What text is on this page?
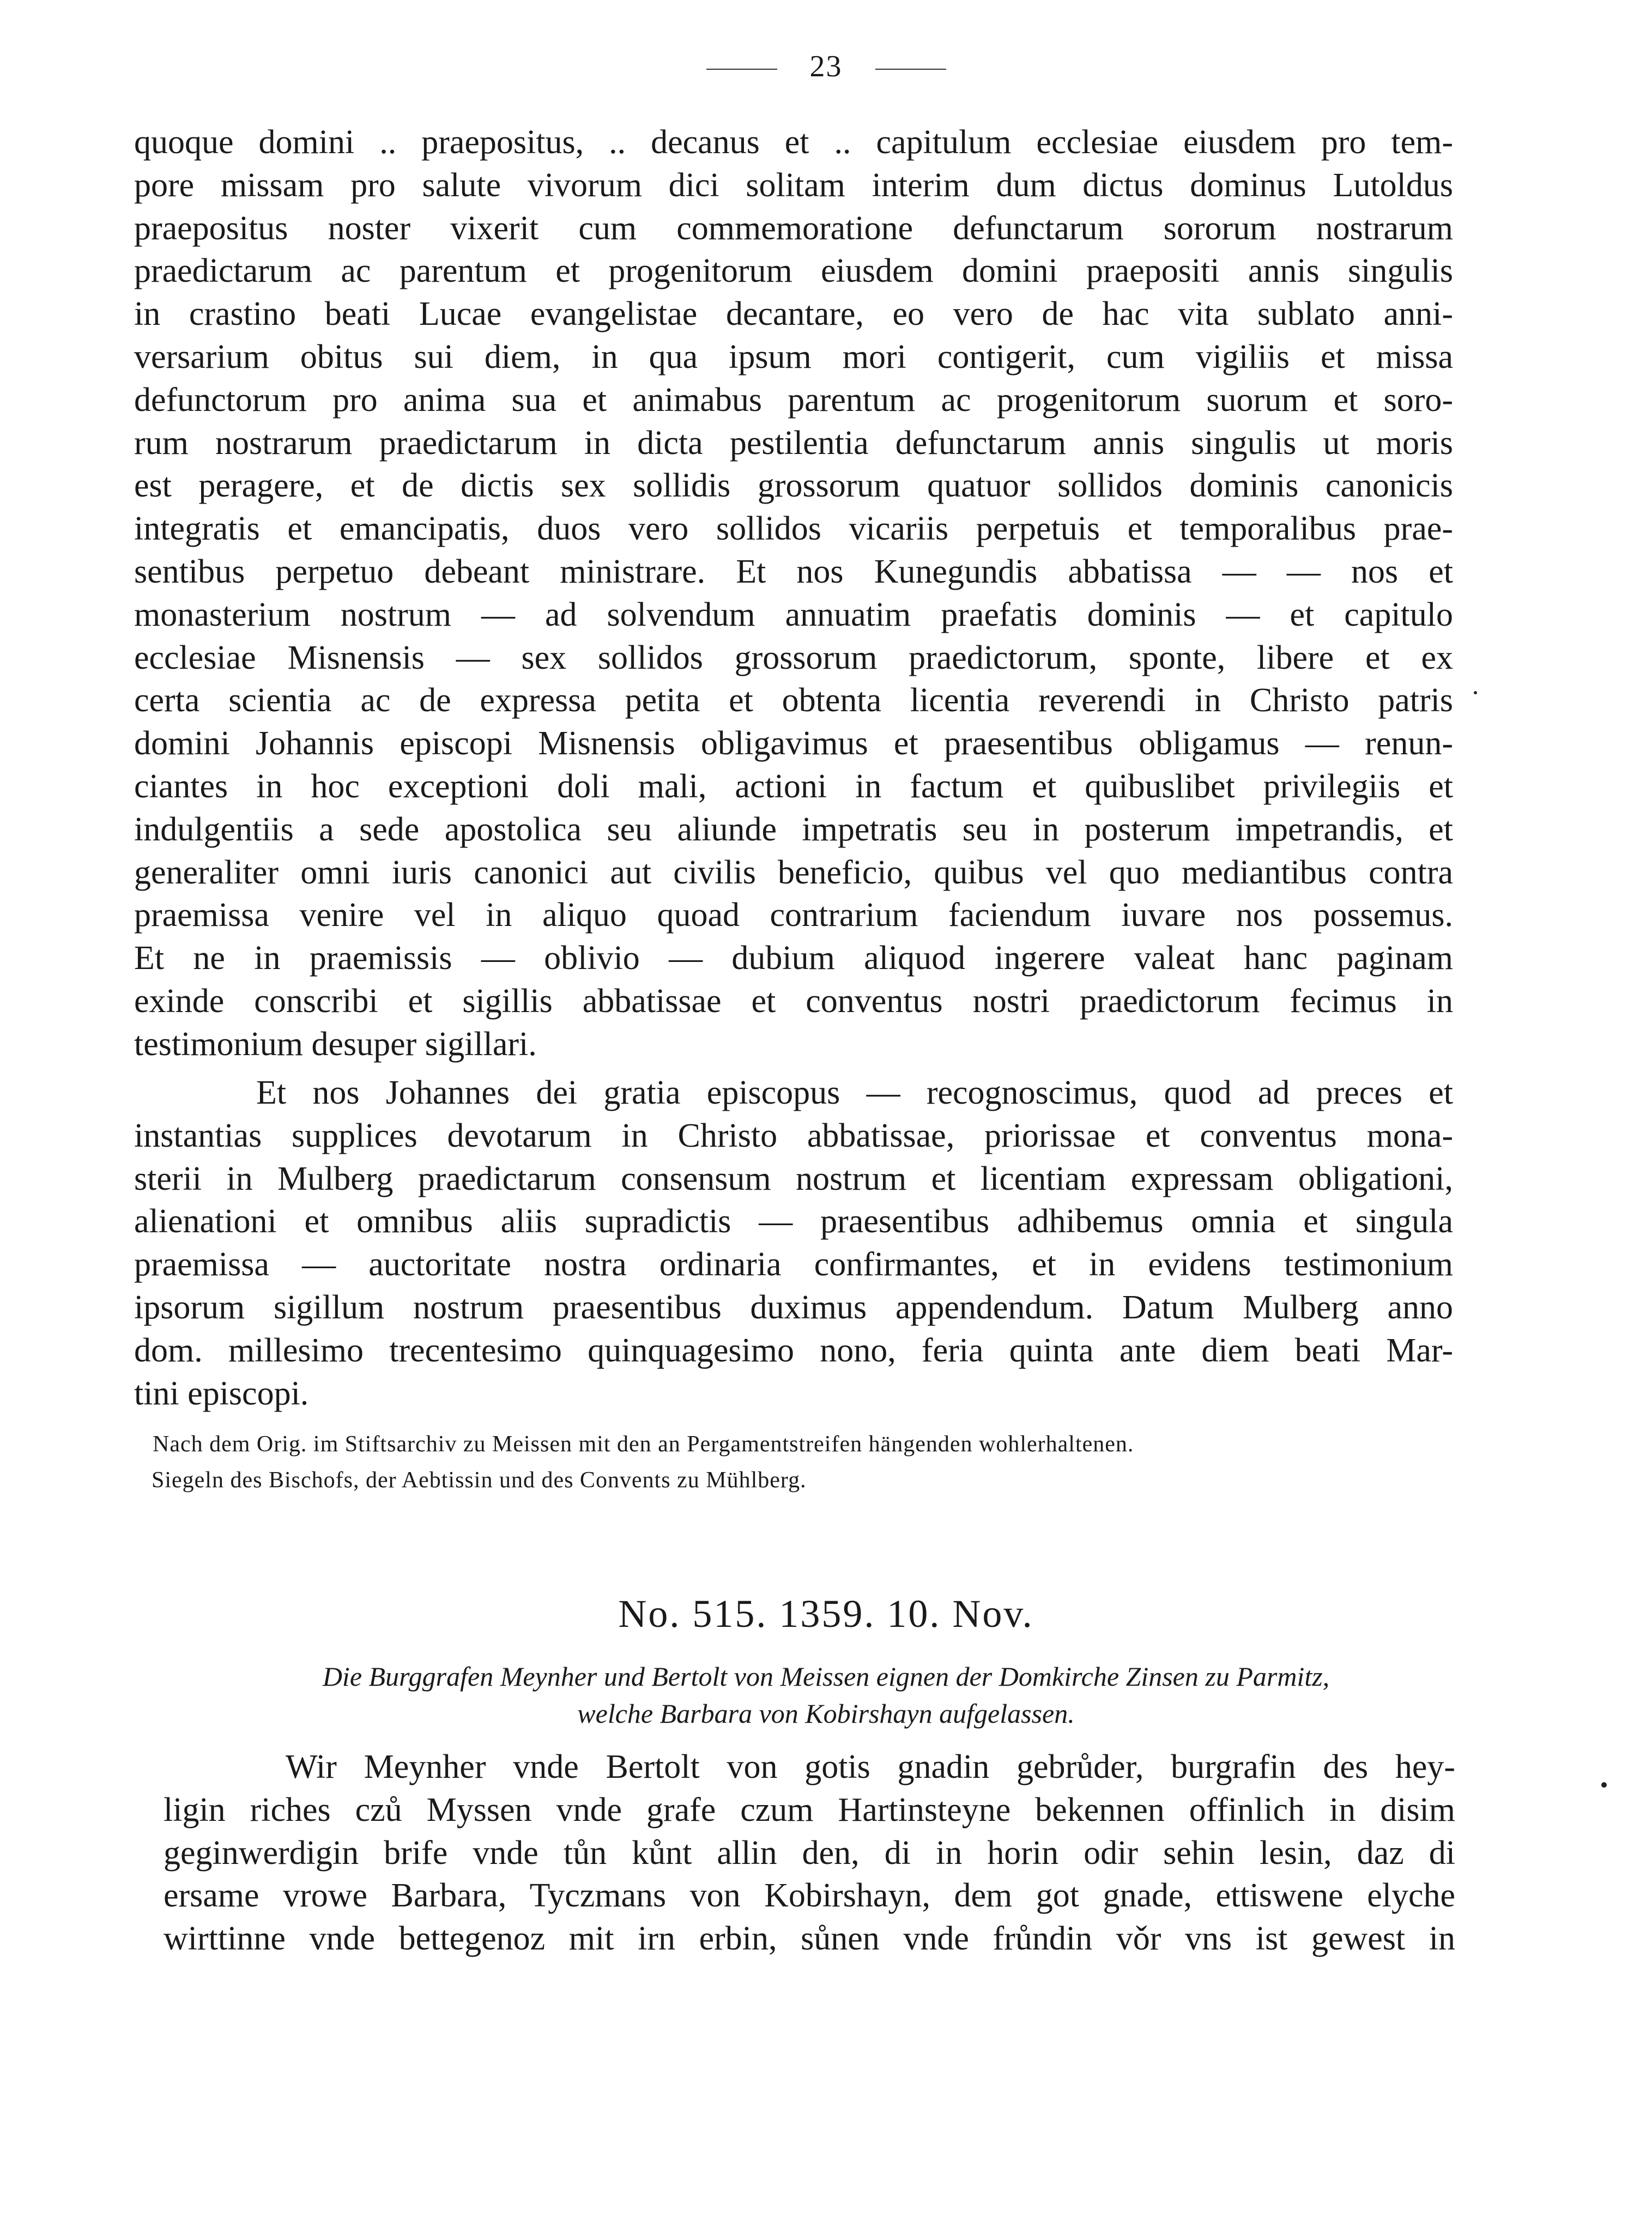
23
quoque domini .. praepositus, .. decanus et .. capitulum ecclesiae eiusdem pro tem-
pore missam pro salute vivorum dici solitam interim dum dictus dominus Lutoldus
praepositus noster vixerit cum commemoratione defunctarum sororum nostrarum
praedictarum ac parentum et progenitorum eiusdem domini praepositi annis singulis
in crastino beati Lucae evangelistae decantare, eo vero de hac vita sublato anni-
versarium obitus sui diem, in qua ipsum mori contigerit, cum vigiliis et missa
defunctorum pro anima sua et animabus parentum ac progenitorum suorum et soro-
rum nostrarum praedictarum in dicta pestilentia defunctarum annis singulis ut moris
est peragere, et de dictis sex sollidis grossorum quatuor sollidos dominis canonicis
integratis et emancipatis, duos vero sollidos vicariis perpetuis et temporalibus prae-
sentibus perpetuo debeant ministrare. Et nos Kunegundis abbatissa — — nos et
monasterium nostrum — ad solvendum annuatim praefatis dominis — et capitulo
ecclesiae Misnensis — sex sollidos grossorum praedictorum, sponte, libere et ex
certa scientia ac de expressa petita et obtenta licentia reverendi in Christo patris
domini Johannis episcopi Misnensis obligavimus et praesentibus obligamus — renun-
ciantes in hoc exceptioni doli mali, actioni in factum et quibuslibet privilegiis et
indulgentiis a sede apostolica seu aliunde impetratis seu in posterum impetrandis, et
generaliter omni iuris canonici aut civilis beneficio, quibus vel quo mediantibus contra
praemissa venire vel in aliquo quoad contrarium faciendum iuvare nos possemus.
Et ne in praemissis — oblivio — dubium aliquod ingerere valeat hanc paginam
exinde conscribi et sigillis abbatissae et conventus nostri praedictorum fecimus in
testimonium desuper sigillari.
Et nos Johannes dei gratia episcopus — recognoscimus, quod ad preces et
instantias supplices devotarum in Christo abbatissae, priorissae et conventus mona-
sterii in Mulberg praedictarum consensum nostrum et licentiam expressam obligationi,
alienationi et omnibus aliis supradictis — praesentibus adhibemus omnia et singula
praemissa — auctoritate nostra ordinaria confirmantes, et in evidens testimonium
ipsorum sigillum nostrum praesentibus duximus appendendum. Datum Mulberg anno
dom. millesimo trecentesimo quinquagesimo nono, feria quinta ante diem beati Mar-
tini episcopi.
Nach dem Orig. im Stiftsarchiv zu Meissen mit den an Pergamentstreifen hängenden wohlerhaltenen.
Siegeln des Bischofs, der Aebtissin und des Convents zu Mühlberg.
No. 515. 1359. 10. Nov.
Die Burggrafen Meynher und Bertolt von Meissen eignen der Domkirche Zinsen zu Parmitz,
welche Barbara von Kobirshayn aufgelassen.
Wir Meynher vnde Bertolt von gotis gnadin gebrůder, burgrafin des hey-
ligin riches czů Myssen vnde grafe czum Hartinsteyne bekennen offinlich in disim
geginwerdigin brife vnde tůn kůnt allin den, di in horin odir sehin lesin, daz di
ersame vrowe Barbara, Tyczmans von Kobirshayn, dem got gnade, ettiswene elyche
wirttinne vnde bettegenoz mit irn erbin, sůnen vnde frůndin vǒr vns ist gewest in
